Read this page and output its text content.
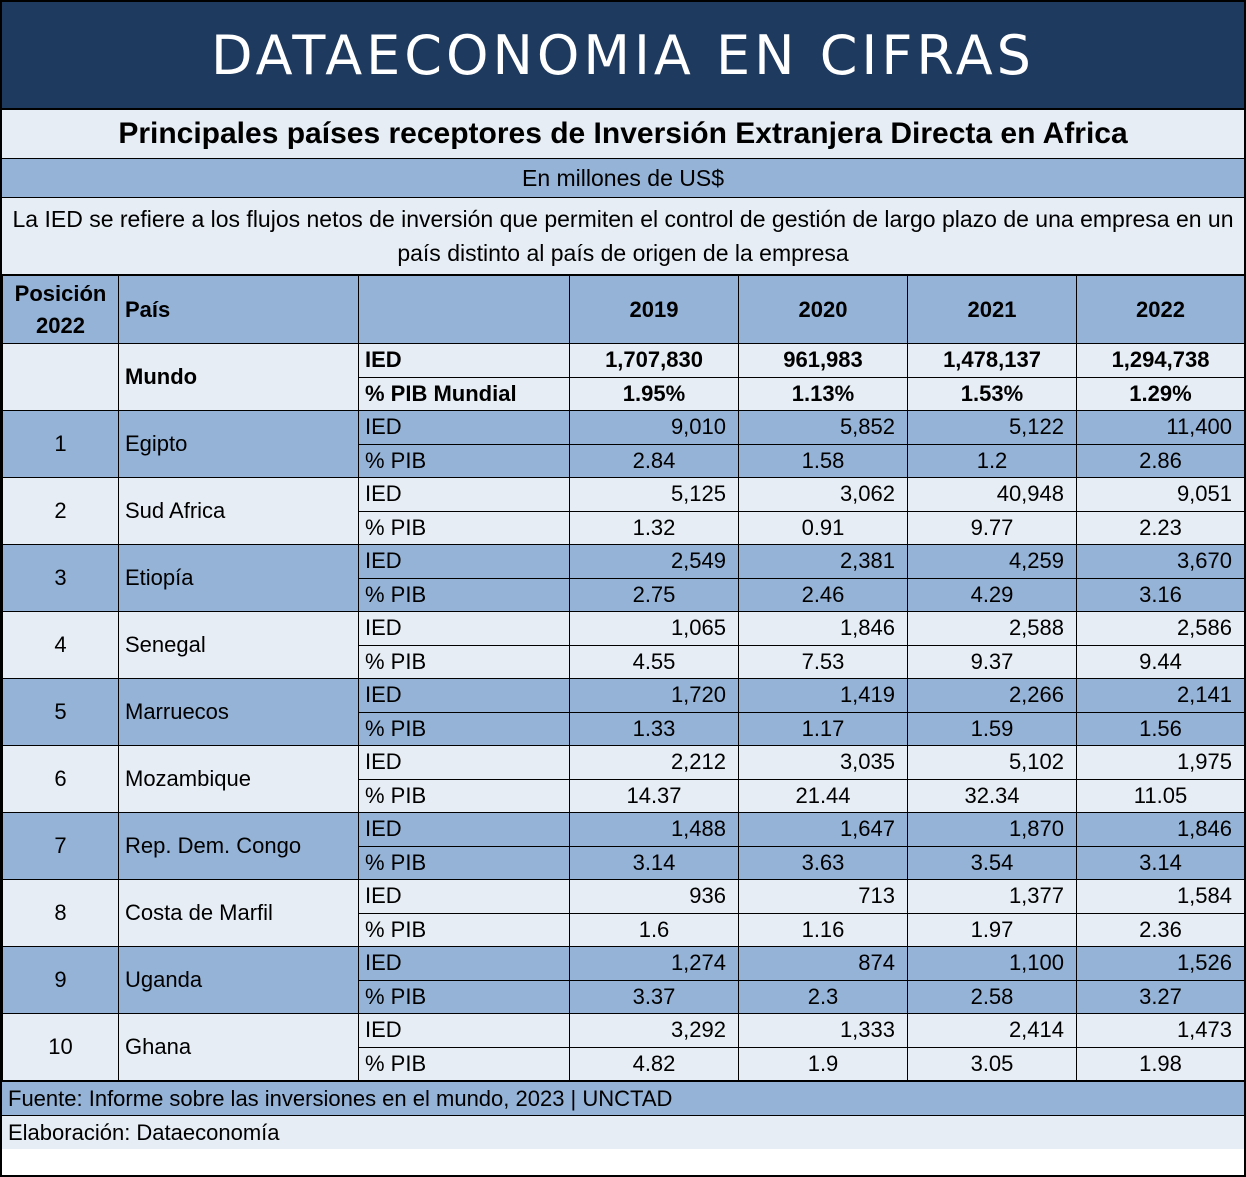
DATAECONOMIA EN CIFRAS
Principales países receptores de Inversión Extranjera Directa en Africa
En millones de US$
La IED se refiere a los flujos netos de inversión que permiten el control de gestión de largo plazo de una empresa en un país distinto al país de origen de la empresa
Posición 2022	País		2019	2020	2021	2022
	Mundo	IED	1,707,830	961,983	1,478,137	1,294,738
		% PIB Mundial	1.95%	1.13%	1.53%	1.29%
1	Egipto	IED	9,010	5,852	5,122	11,400
		% PIB	2.84	1.58	1.2	2.86
2	Sud Africa	IED	5,125	3,062	40,948	9,051
		% PIB	1.32	0.91	9.77	2.23
3	Etiopía	IED	2,549	2,381	4,259	3,670
		% PIB	2.75	2.46	4.29	3.16
4	Senegal	IED	1,065	1,846	2,588	2,586
		% PIB	4.55	7.53	9.37	9.44
5	Marruecos	IED	1,720	1,419	2,266	2,141
		% PIB	1.33	1.17	1.59	1.56
6	Mozambique	IED	2,212	3,035	5,102	1,975
		% PIB	14.37	21.44	32.34	11.05
7	Rep. Dem. Congo	IED	1,488	1,647	1,870	1,846
		% PIB	3.14	3.63	3.54	3.14
8	Costa de Marfil	IED	936	713	1,377	1,584
		% PIB	1.6	1.16	1.97	2.36
9	Uganda	IED	1,274	874	1,100	1,526
		% PIB	3.37	2.3	2.58	3.27
10	Ghana	IED	3,292	1,333	2,414	1,473
		% PIB	4.82	1.9	3.05	1.98
Fuente: Informe sobre las inversiones en el mundo, 2023 | UNCTAD
Elaboración: Dataeconomía
